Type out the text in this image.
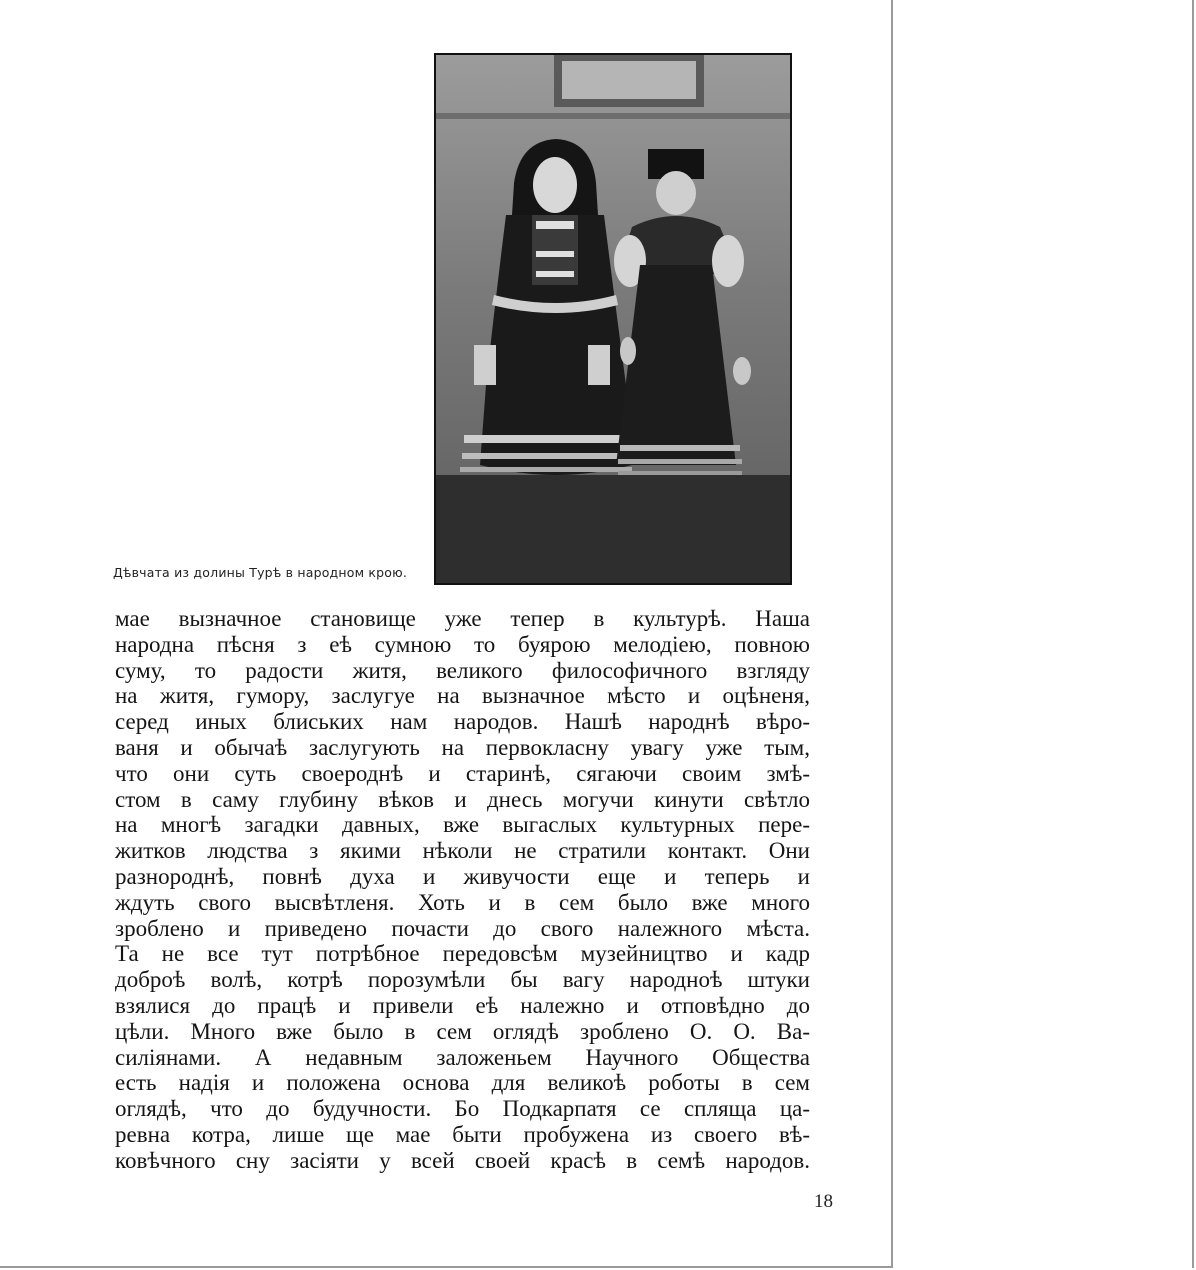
Дѣвчата из долины Турѣ в народном крою.
мае вызначное становище уже тепер в культурѣ. Наша
народна пѣсня з еѣ сумною то буярою мелодiею, повною
суму, то радости житя, великого философичного взгляду
на житя, гумору, заслугуе на вызначное мѣсто и оцѣненя,
серед иных блиських нам народов. Нашѣ народнѣ вѣро-
ваня и обычаѣ заслугують на первокласну увагу уже тым,
что они суть своероднѣ и старинѣ, сягаючи своим змѣ-
стом в саму глубину вѣков и днесь могучи кинути свѣтло
на многѣ загадки давных, вже выгаслых культурных пере-
житков людства з якими нѣколи не стратили контакт. Они
разнороднѣ, повнѣ духа и живучости еще и теперь и
ждуть свого высвѣтленя. Хоть и в сем было вже много
зроблено и приведено почасти до свого належного мѣста.
Та не все тут потрѣбное передовсѣм музейництво и кадр
доброѣ волѣ, котрѣ порозумѣли бы вагу народноѣ штуки
взялися до працѣ и привели еѣ належно и отповѣдно до
цѣли. Много вже было в сем оглядѣ зроблено О. О. Ва-
силiянами. А недавным заложеньем Научного Общества
есть надiя и положена основа для великоѣ роботы в сем
оглядѣ, что до будучности. Бо Подкарпатя се спляща ца-
ревна котра, лише ще мае быти пробужена из своего вѣ-
ковѣчного сну засiяти у всей своей красѣ в семѣ народов.
18
